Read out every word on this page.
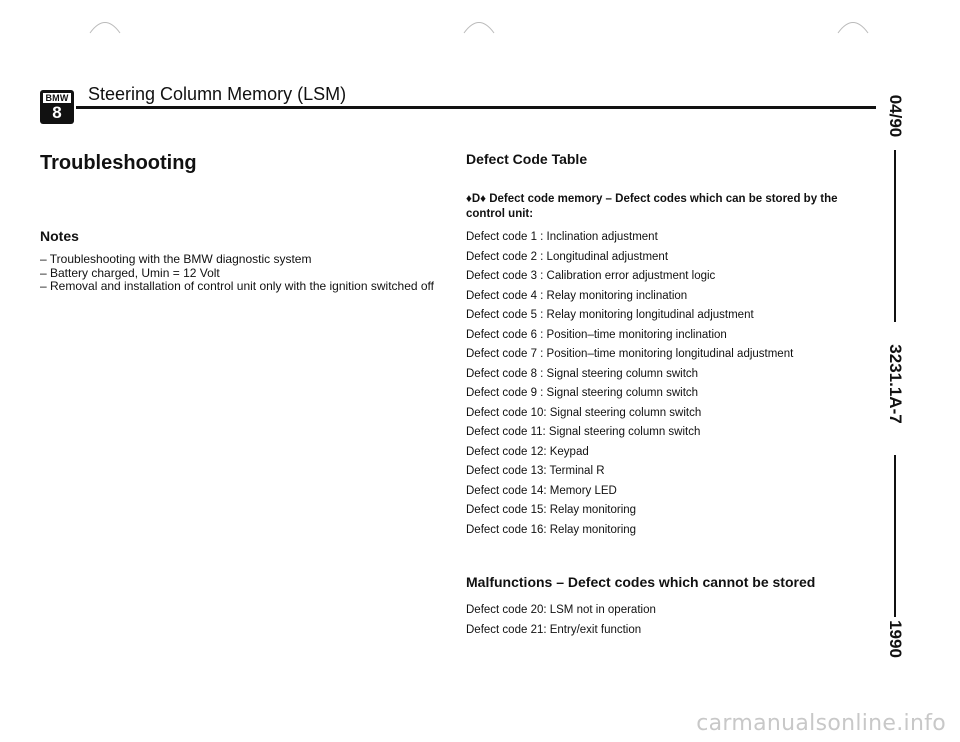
BMW
8
Steering Column Memory (LSM)
04/90
3231.1A-7
1990
Troubleshooting
Notes
– Troubleshooting with the BMW diagnostic system
– Battery charged, Umin = 12 Volt
– Removal and installation of control unit only with the ignition switched off
Defect Code Table

♦D♦ Defect code memory – Defect codes which can be stored by the control unit:

Defect code 1 : Inclination adjustment
Defect code 2 : Longitudinal adjustment
Defect code 3 : Calibration error adjustment logic
Defect code 4 : Relay monitoring inclination
Defect code 5 : Relay monitoring longitudinal adjustment
Defect code 6 : Position–time monitoring inclination
Defect code 7 : Position–time monitoring longitudinal adjustment
Defect code 8 : Signal steering column switch
Defect code 9 : Signal steering column switch
Defect code 10: Signal steering column switch
Defect code 11: Signal steering column switch
Defect code 12: Keypad
Defect code 13: Terminal R
Defect code 14: Memory LED
Defect code 15: Relay monitoring
Defect code 16: Relay monitoring
Malfunctions – Defect codes which cannot be stored
Defect code 20: LSM not in operation
Defect code 21: Entry/exit function
carmanualsonline.info
